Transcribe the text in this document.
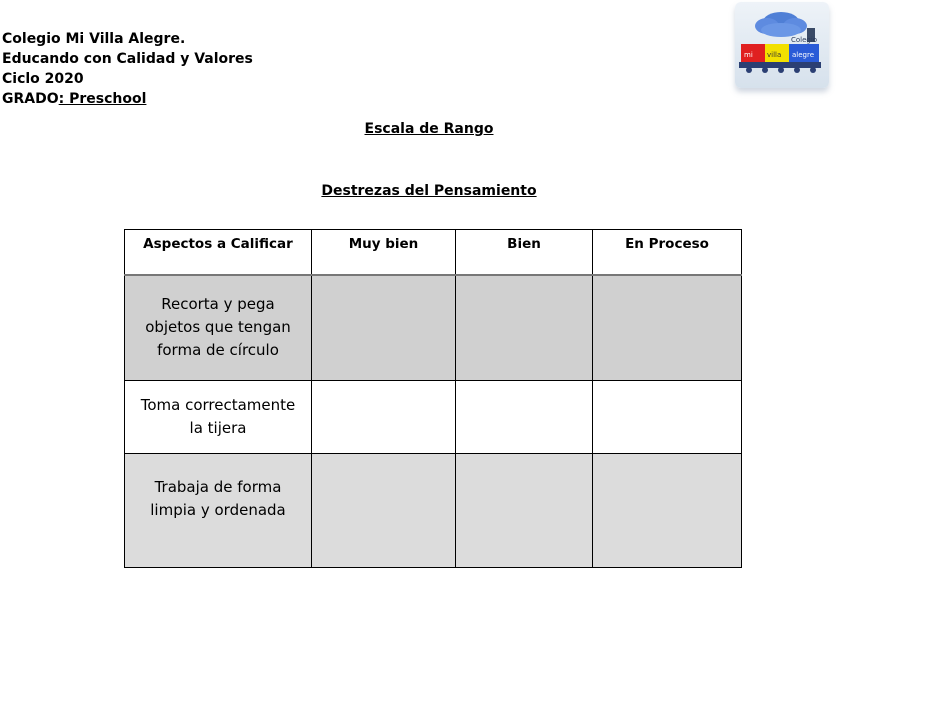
Colegio Mi Villa Alegre.
Educando con Calidad y Valores
Ciclo 2020
GRADO: Preschool
Colegio
mi villa alegre
Escala de Rango
Destrezas del Pensamiento
Aspectos a Calificar	Muy bien	Bien	En Proceso
Recorta y pega objetos que tengan forma de círculo			
Toma correctamente la tijera			
Trabaja de forma limpia y ordenada			
